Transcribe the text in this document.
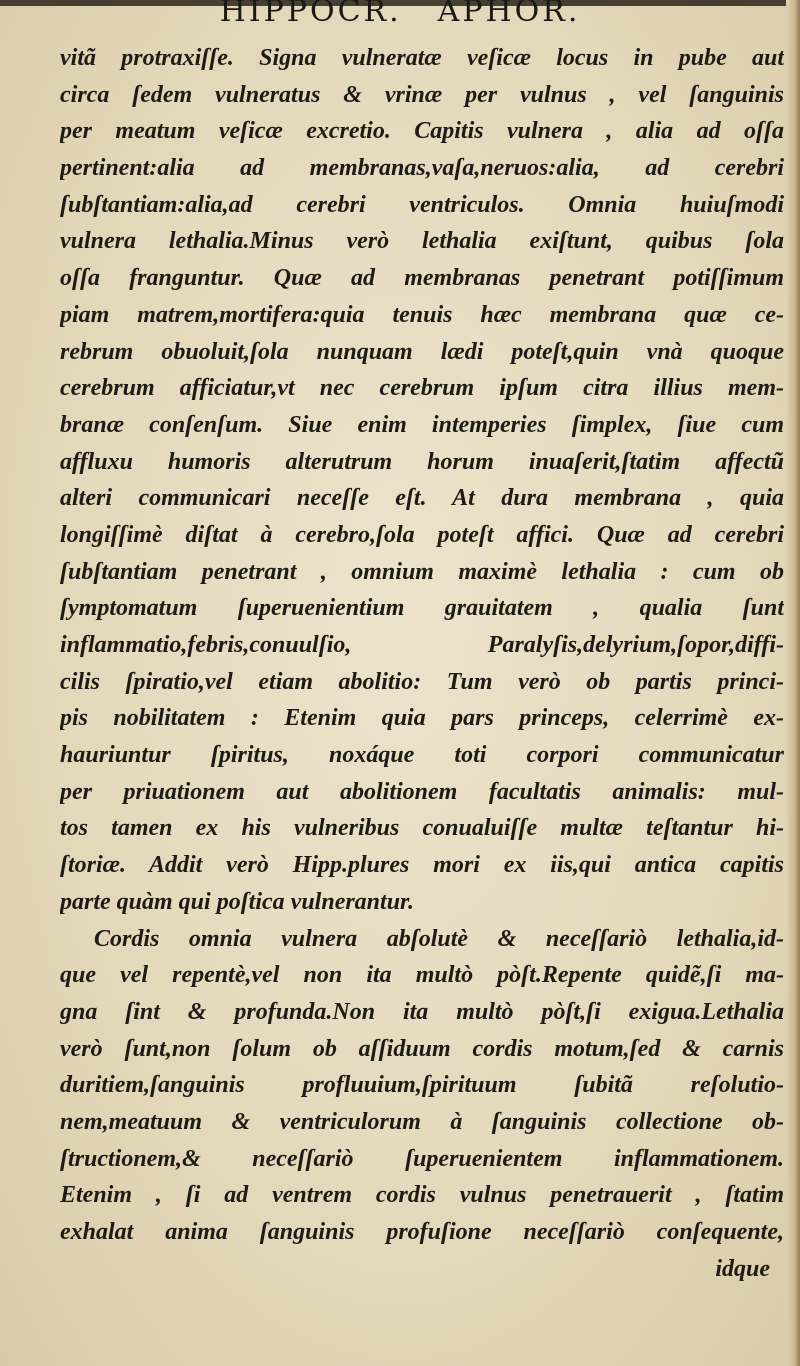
HIPPOCR. APHOR.
vitã protraxiſſe. Signa vulneratæ veſicæ locus in pube aut
circa ſedem vulneratus & vrinæ per vulnus , vel ſanguinis
per meatum veſicæ excretio. Capitis vulnera , alia ad oſſa
pertinent:alia ad membranas,vaſa,neruos:alia, ad cerebri
ſubſtantiam:alia,ad cerebri ventriculos. Omnia huiuſmodi
vulnera lethalia.Minus verò lethalia exiſtunt, quibus ſola
oſſa franguntur. Quæ ad membranas penetrant potiſſimum
piam matrem,mortifera:quia tenuis hæc membrana quæ ce-
rebrum obuoluit,ſola nunquam lædi poteſt,quin vnà quoque
cerebrum afficiatur,vt nec cerebrum ipſum citra illius mem-
branæ conſenſum. Siue enim intemperies ſimplex, ſiue cum
affluxu humoris alterutrum horum inuaſerit,ſtatim affectũ
alteri communicari neceſſe eſt. At dura membrana , quia
longiſſimè diſtat à cerebro,ſola poteſt affici. Quæ ad cerebri
ſubſtantiam penetrant , omnium maximè lethalia : cum ob
ſymptomatum ſuperuenientium grauitatem , qualia ſunt
inflammatio,febris,conuulſio, Paralyſis,delyrium,ſopor,diffi-
cilis ſpiratio,vel etiam abolitio: Tum verò ob partis princi-
pis nobilitatem : Etenim quia pars princeps, celerrimè ex-
hauriuntur ſpiritus, noxáque toti corpori communicatur
per priuationem aut abolitionem facultatis animalis: mul-
tos tamen ex his vulneribus conualuiſſe multæ teſtantur hi-
ſtoriæ. Addit verò Hipp.plures mori ex iis,qui antica capitis
parte quàm qui poſtica vulnerantur.
Cordis omnia vulnera abſolutè & neceſſariò lethalia,id-
que vel repentè,vel non ita multò pòſt.Repente quidẽ,ſi ma-
gna ſint & profunda.Non ita multò pòſt,ſi exigua.Lethalia
verò ſunt,non ſolum ob aſſiduum cordis motum,ſed & carnis
duritiem,ſanguinis profluuium,ſpirituum ſubitã reſolutio-
nem,meatuum & ventriculorum à ſanguinis collectione ob-
ſtructionem,& neceſſariò ſuperuenientem inflammationem.
Etenim , ſi ad ventrem cordis vulnus penetrauerit , ſtatim
exhalat anima ſanguinis profuſione neceſſariò conſequente,
idque
